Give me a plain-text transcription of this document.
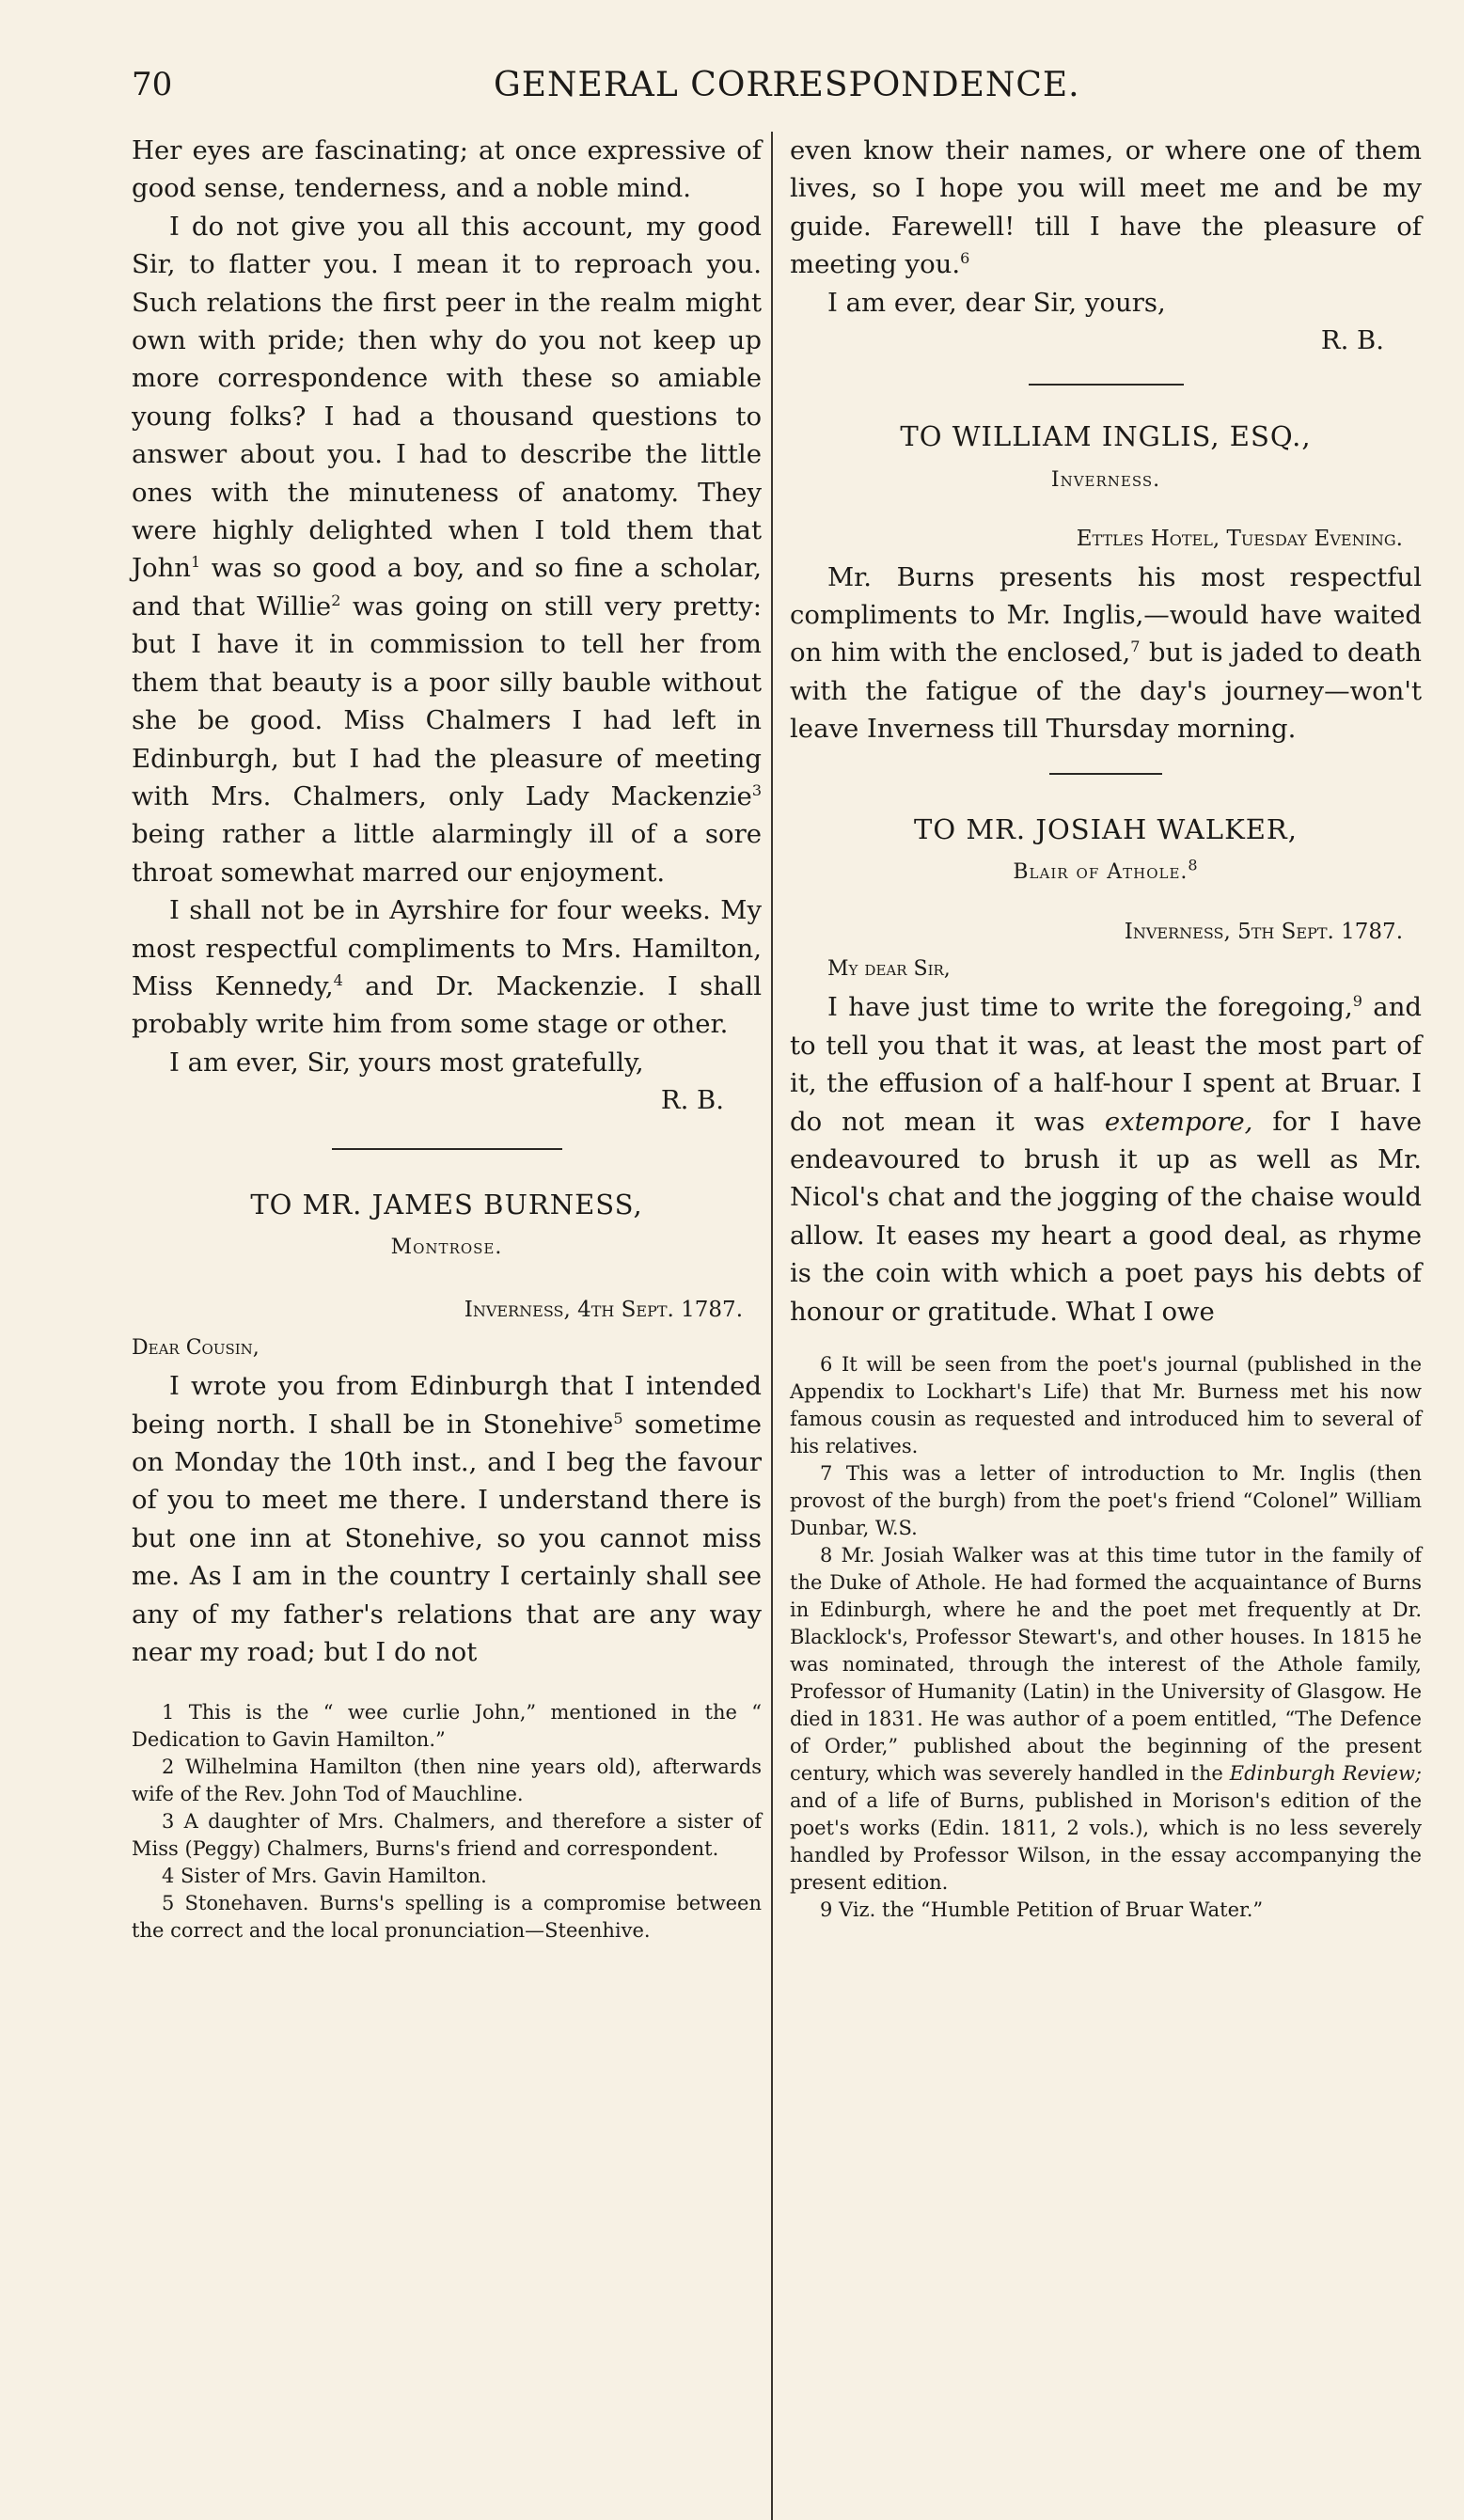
70	GENERAL CORRESPONDENCE.

Her eyes are fascinating; at once expressive of good sense, tenderness, and a noble mind.

I do not give you all this account, my good Sir, to flatter you. I mean it to reproach you. Such relations the first peer in the realm might own with pride; then why do you not keep up more correspondence with these so amiable young folks? I had a thousand questions to answer about you. I had to describe the little ones with the minuteness of anatomy. They were highly delighted when I told them that John$^1$ was so good a boy, and so fine a scholar, and that Willie$^2$ was going on still very pretty: but I have it in commission to tell her from them that beauty is a poor silly bauble without she be good. Miss Chalmers I had left in Edinburgh, but I had the pleasure of meeting with Mrs. Chalmers, only Lady Mackenzie$^3$ being rather a little alarmingly ill of a sore throat somewhat marred our enjoyment.

I shall not be in Ayrshire for four weeks. My most respectful compliments to Mrs. Hamilton, Miss Kennedy,$^4$ and Dr. Mackenzie. I shall probably write him from some stage or other.

I am ever, Sir, yours most gratefully,

R. B.

TO MR. JAMES BURNESS,

Montrose.

Inverness, 4th Sept. 1787.

Dear Cousin,

I wrote you from Edinburgh that I intended being north. I shall be in Stonehive$^5$ sometime on Monday the 10th inst., and I beg the favour of you to meet me there. I understand there is but one inn at Stonehive, so you cannot miss me. As I am in the country I certainly shall see any of my father's relations that are any way near my road; but I do not

1 This is the “ wee curlie John,” mentioned in the “ Dedication to Gavin Hamilton.”

2 Wilhelmina Hamilton (then nine years old), afterwards wife of the Rev. John Tod of Mauchline.

3 A daughter of Mrs. Chalmers, and therefore a sister of Miss (Peggy) Chalmers, Burns's friend and correspondent.

4 Sister of Mrs. Gavin Hamilton.

5 Stonehaven. Burns's spelling is a compromise between the correct and the local pronunciation—Steenhive.

even know their names, or where one of them lives, so I hope you will meet me and be my guide. Farewell! till I have the pleasure of meeting you.$^6$

I am ever, dear Sir, yours,

R. B.

TO WILLIAM INGLIS, ESQ.,

Inverness.

Ettles Hotel, Tuesday Evening.

Mr. Burns presents his most respectful compliments to Mr. Inglis,—would have waited on him with the enclosed,$^7$ but is jaded to death with the fatigue of the day's journey—won't leave Inverness till Thursday morning.

TO MR. JOSIAH WALKER,

Blair of Athole.$^8$

Inverness, 5th Sept. 1787.

My dear Sir,

I have just time to write the foregoing,$^9$ and to tell you that it was, at least the most part of it, the effusion of a half-hour I spent at Bruar. I do not mean it was extempore, for I have endeavoured to brush it up as well as Mr. Nicol's chat and the jogging of the chaise would allow. It eases my heart a good deal, as rhyme is the coin with which a poet pays his debts of honour or gratitude. What I owe

6 It will be seen from the poet's journal (published in the Appendix to Lockhart's Life) that Mr. Burness met his now famous cousin as requested and introduced him to several of his relatives.

7 This was a letter of introduction to Mr. Inglis (then provost of the burgh) from the poet's friend “Colonel” William Dunbar, W.S.

8 Mr. Josiah Walker was at this time tutor in the family of the Duke of Athole. He had formed the acquaintance of Burns in Edinburgh, where he and the poet met frequently at Dr. Blacklock's, Professor Stewart's, and other houses. In 1815 he was nominated, through the interest of the Athole family, Professor of Humanity (Latin) in the University of Glasgow. He died in 1831. He was author of a poem entitled, “The Defence of Order,” published about the beginning of the present century, which was severely handled in the Edinburgh Review; and of a life of Burns, published in Morison's edition of the poet's works (Edin. 1811, 2 vols.), which is no less severely handled by Professor Wilson, in the essay accompanying the present edition.

9 Viz. the “Humble Petition of Bruar Water.”
